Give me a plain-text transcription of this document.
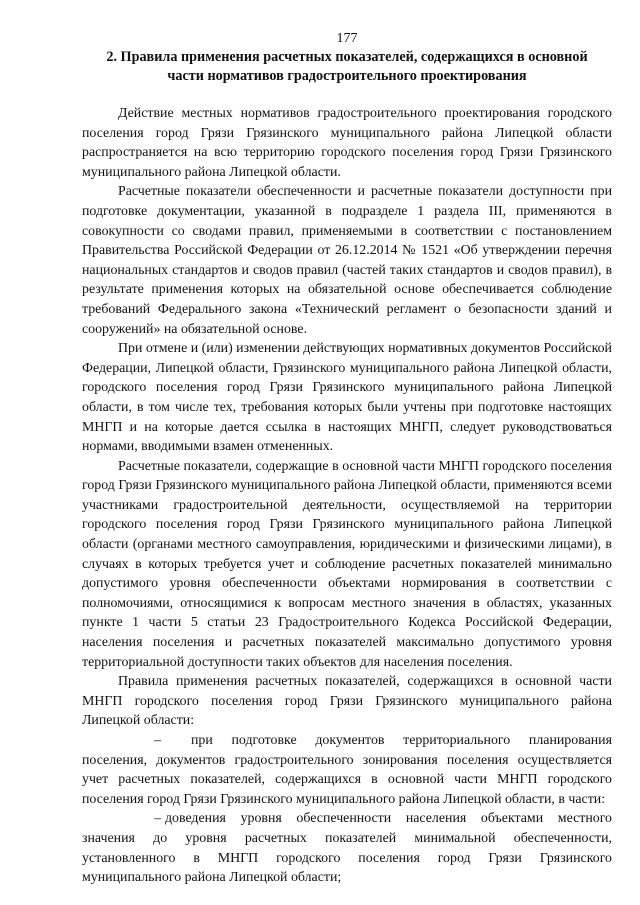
177
2. Правила применения расчетных показателей, содержащихся в основной
части нормативов градостроительного проектирования

Действие местных нормативов градостроительного проектирования городского поселения город Грязи Грязинского муниципального района Липецкой области распространяется на всю территорию городского поселения город Грязи Грязинского муниципального района Липецкой области.

Расчетные показатели обеспеченности и расчетные показатели доступности при подготовке документации, указанной в подразделе 1 раздела III, применяются в совокупности со сводами правил, применяемыми в соответствии с постановлением Правительства Российской Федерации от 26.12.2014 № 1521 «Об утверждении перечня национальных стандартов и сводов правил (частей таких стандартов и сводов правил), в результате применения которых на обязательной основе обеспечивается соблюдение требований Федерального закона «Технический регламент о безопасности зданий и сооружений» на обязательной основе.

При отмене и (или) изменении действующих нормативных документов Российской Федерации, Липецкой области, Грязинского муниципального района Липецкой области, городского поселения город Грязи Грязинского муниципального района Липецкой области, в том числе тех, требования которых были учтены при подготовке настоящих МНГП и на которые дается ссылка в настоящих МНГП, следует руководствоваться нормами, вводимыми взамен отмененных.

Расчетные показатели, содержащие в основной части МНГП городского поселения город Грязи Грязинского муниципального района Липецкой области, применяются всеми участниками градостроительной деятельности, осуществляемой на территории городского поселения город Грязи Грязинского муниципального района Липецкой области (органами местного самоуправления, юридическими и физическими лицами), в случаях в которых требуется учет и соблюдение расчетных показателей минимально допустимого уровня обеспеченности объектами нормирования в соответствии с полномочиями, относящимися к вопросам местного значения в областях, указанных пункте 1 части 5 статьи 23 Градостроительного Кодекса Российской Федерации, населения поселения и расчетных показателей максимально допустимого уровня территориальной доступности таких объектов для населения поселения.

Правила применения расчетных показателей, содержащихся в основной части МНГП городского поселения город Грязи Грязинского муниципального района Липецкой области:

– при подготовке документов территориального планирования поселения, документов градостроительного зонирования поселения осуществляется учет расчетных показателей, содержащихся в основной части МНГП городского поселения город Грязи Грязинского муниципального района Липецкой области, в части:

– доведения уровня обеспеченности населения объектами местного значения до уровня расчетных показателей минимальной обеспеченности, установленного в МНГП городского поселения город Грязи Грязинского муниципального района Липецкой области;
